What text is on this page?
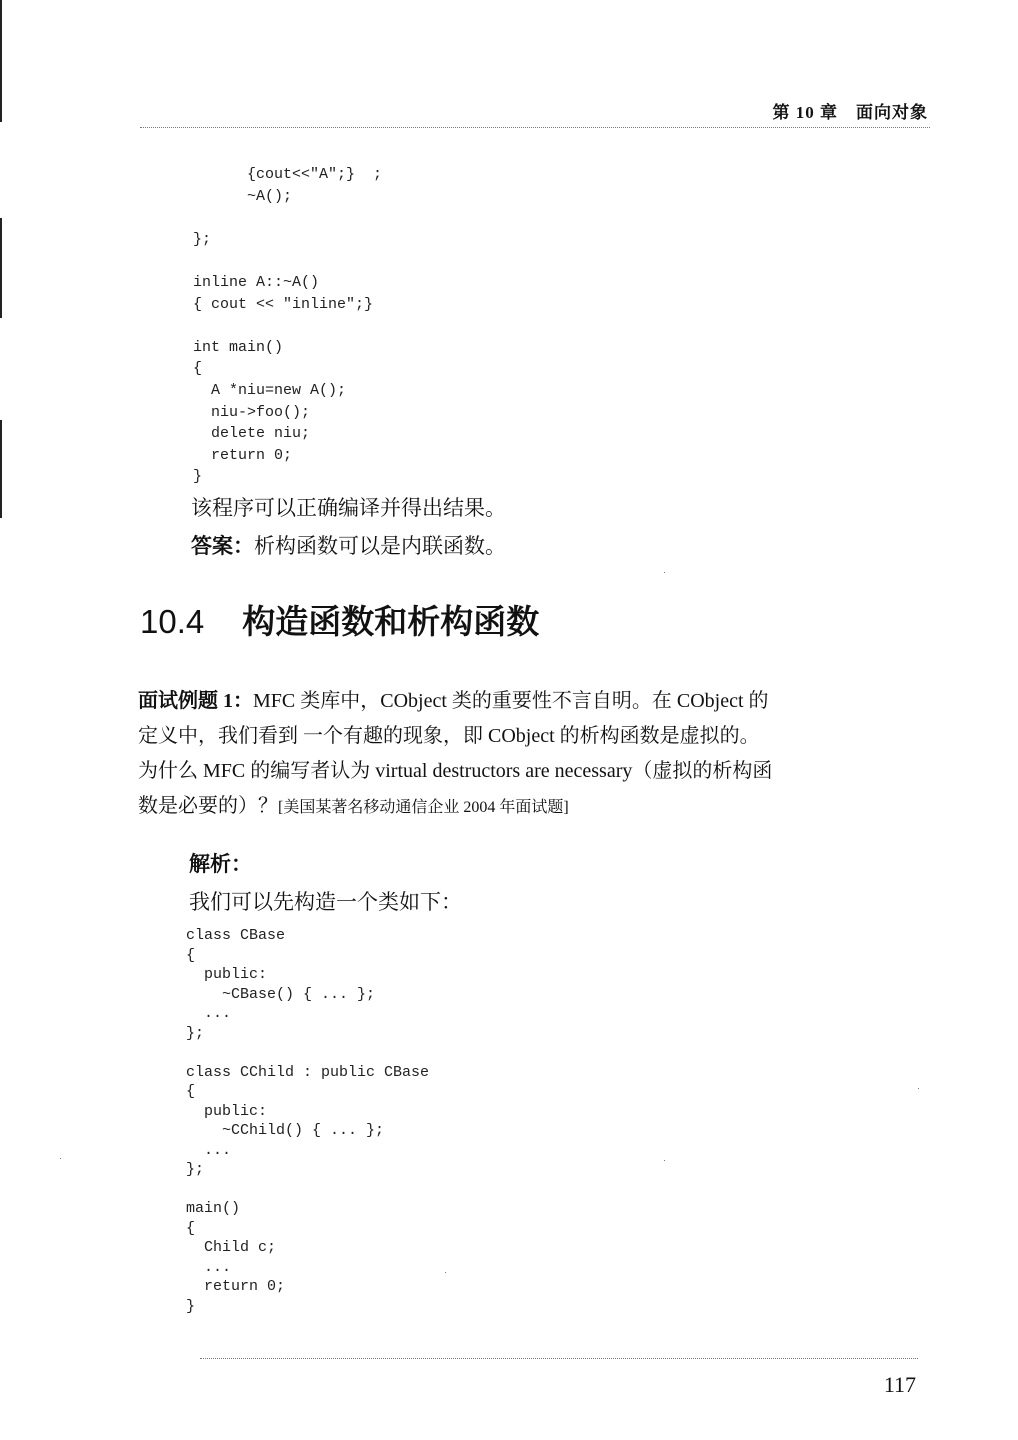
第 10 章 面向对象
{cout<<"A";}  ;
~A();

};

inline A::~A()
{ cout << "inline";}

int main()
{
A *niu=new A();
niu->foo();
delete niu;
return 0;
}

该程序可以正确编译并得出结果。
答案：析构函数可以是内联函数。
10.4 构造函数和析构函数
面试例题 1：MFC 类库中，CObject 类的重要性不言自明。在 CObject 的
定义中，我们看到 一个有趣的现象，即 CObject 的析构函数是虚拟的。
为什么 MFC 的编写者认为 virtual destructors are necessary（虚拟的析构函
数是必要的）？[美国某著名移动通信企业 2004 年面试题]
解析：
我们可以先构造一个类如下：
class CBase
{
public:
~CBase() { ... };
...
};

class CChild : public CBase
{
public:
~CChild() { ... };
...
};

main()
{
Child c;
...
return 0;
}

117
